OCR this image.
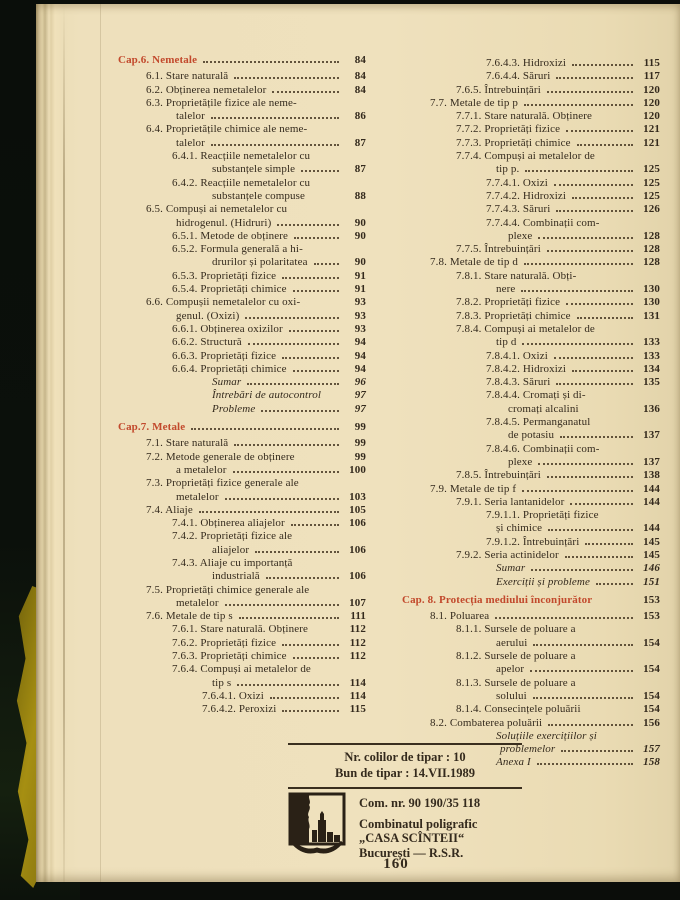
Cap.6. Nemetale	84
6.1. Stare naturală	84
6.2. Obținerea nemetalelor	84
6.3. Proprietățile fizice ale neme-
talelor	86
6.4. Proprietățile chimice ale neme-
talelor	87
6.4.1. Reacțiile nemetalelor cu
substanțele simple	87
6.4.2. Reacțiile nemetalelor cu
substanțele compuse	88
6.5. Compuși ai nemetalelor cu
hidrogenul. (Hidruri)	90
6.5.1. Metode de obținere	90
6.5.2. Formula generală a hi-
drurilor și polaritatea	90
6.5.3. Proprietăți fizice	91
6.5.4. Proprietăți chimice	91
6.6. Compușii nemetalelor cu oxi-	93
genul. (Oxizi)	93
6.6.1. Obținerea oxizilor	93
6.6.2. Structură	94
6.6.3. Proprietăți fizice	94
6.6.4. Proprietăți chimice	94
Sumar	96
Întrebări de autocontrol	97
Probleme	97
Cap.7. Metale	99
7.1. Stare naturală	99
7.2. Metode generale de obținere	99
a metalelor	100
7.3. Proprietăți fizice generale ale
metalelor	103
7.4. Aliaje	105
7.4.1. Obținerea aliajelor	106
7.4.2. Proprietăți fizice ale
aliajelor	106
7.4.3. Aliaje cu importanță
industrială	106
7.5. Proprietăți chimice generale ale
metalelor	107
7.6. Metale de tip s	111
7.6.1. Stare naturală. Obținere	112
7.6.2. Proprietăți fizice	112
7.6.3. Proprietăți chimice	112
7.6.4. Compuși ai metalelor de
tip s	114
7.6.4.1. Oxizi	114
7.6.4.2. Peroxizi	115
7.6.4.3. Hidroxizi	115
7.6.4.4. Săruri	117
7.6.5. Întrebuințări	120
7.7. Metale de tip p	120
7.7.1. Stare naturală. Obținere	120
7.7.2. Proprietăți fizice	121
7.7.3. Proprietăți chimice	121
7.7.4. Compuși ai metalelor de
tip p.	125
7.7.4.1. Oxizi	125
7.7.4.2. Hidroxizi	125
7.7.4.3. Săruri	126
7.7.4.4. Combinații com-
plexe	128
7.7.5. Întrebuințări	128
7.8. Metale de tip d	128
7.8.1. Stare naturală. Obți-
nere	130
7.8.2. Proprietăți fizice	130
7.8.3. Proprietăți chimice	131
7.8.4. Compuși ai metalelor de
tip d	133
7.8.4.1. Oxizi	133
7.8.4.2. Hidroxizi	134
7.8.4.3. Săruri	135
7.8.4.4. Cromați și di-
cromați alcalini	136
7.8.4.5. Permanganatul
de potasiu	137
7.8.4.6. Combinații com-
plexe	137
7.8.5. Întrebuințări	138
7.9. Metale de tip f	144
7.9.1. Seria lantanidelor	144
7.9.1.1. Proprietăți fizice
și chimice	144
7.9.1.2. Întrebuințări	145
7.9.2. Seria actinidelor	145
Sumar	146
Exerciții și probleme	151
Cap. 8. Protecția mediului înconjurător	153
8.1. Poluarea	153
8.1.1. Sursele de poluare a
aerului	154
8.1.2. Sursele de poluare a
apelor	154
8.1.3. Sursele de poluare a
solului	154
8.1.4. Consecințele poluării	154
8.2. Combaterea poluării	156
Soluțiile exercițiilor și
problemelor	157
Anexa I	158
Nr. colilor de tipar : 10
Bun de tipar : 14.VII.1989
Com. nr. 90 190/35 118
Combinatul poligrafic
„CASA SCÎNTEII“
București — R.S.R.
160
